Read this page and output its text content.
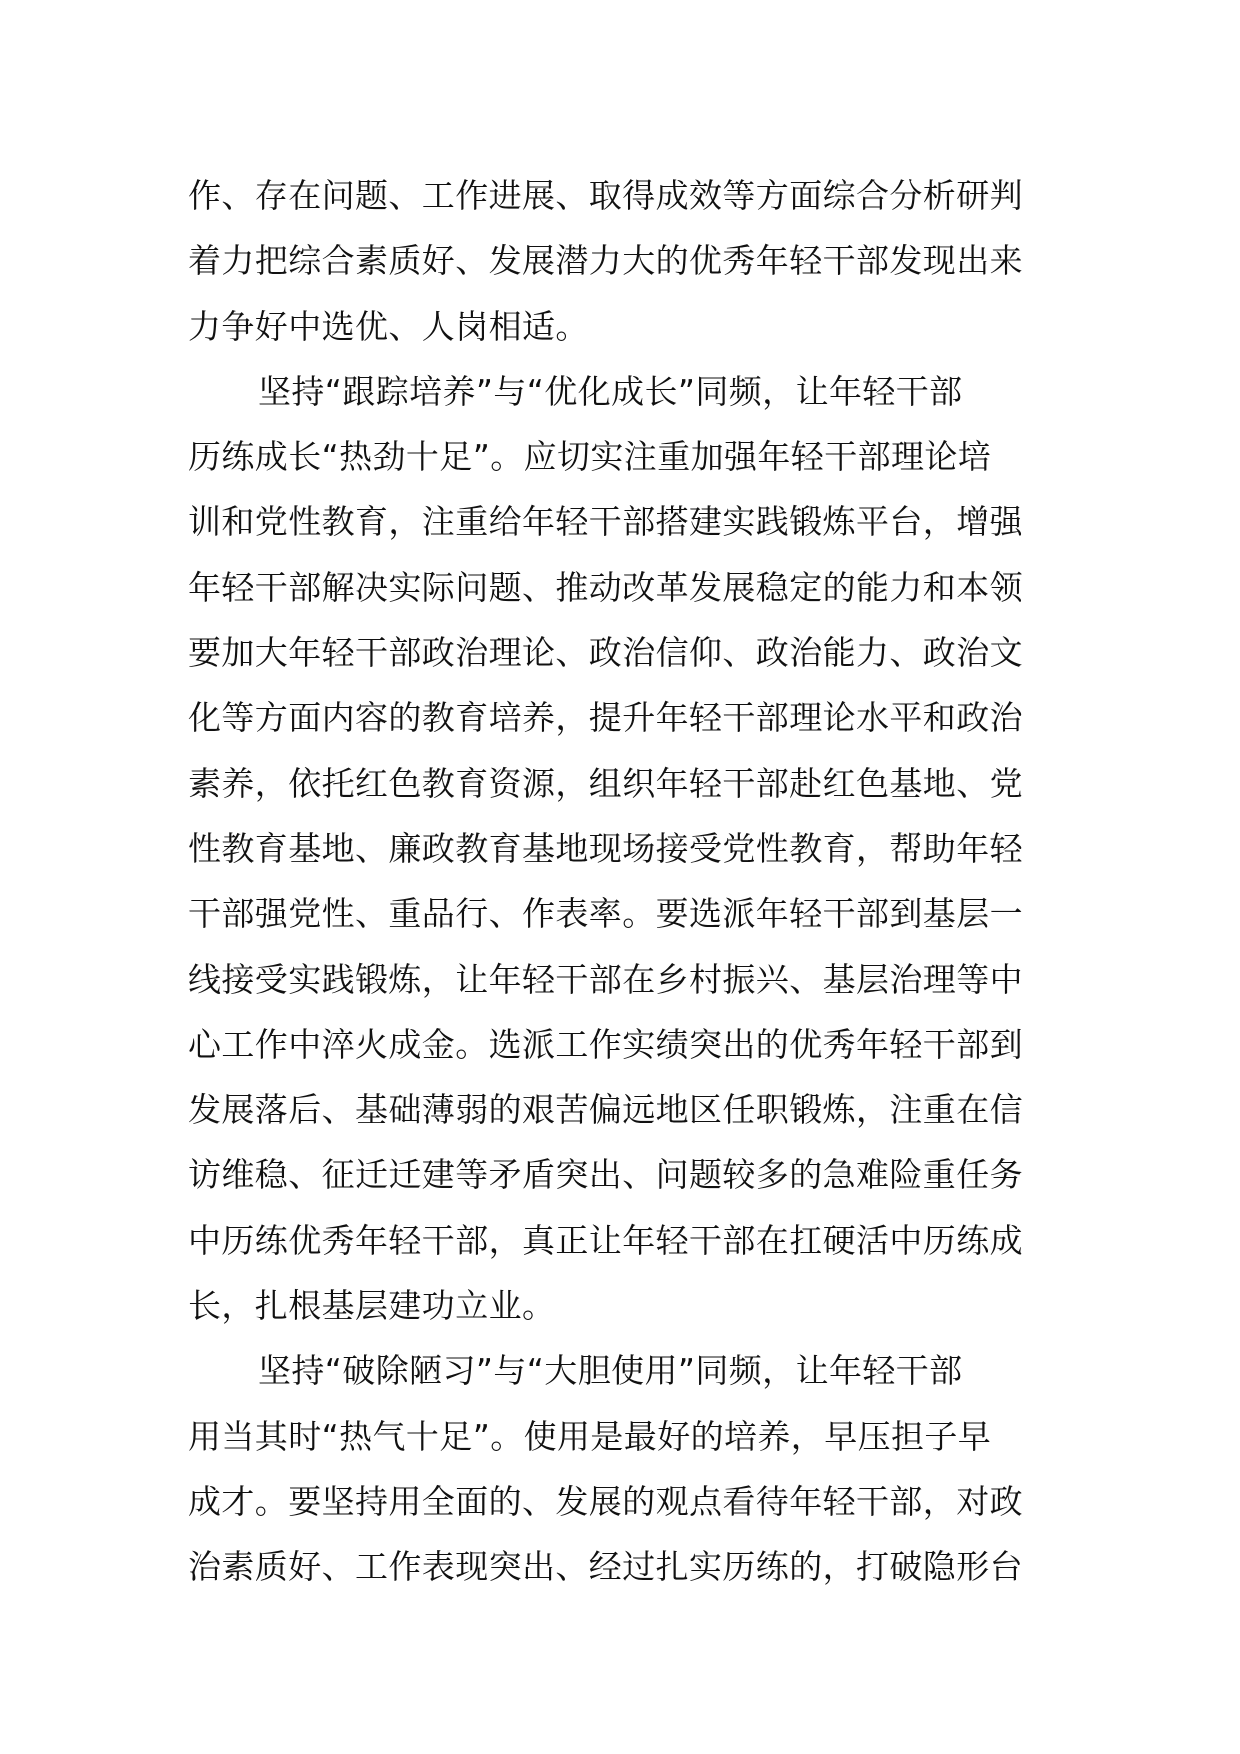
作、存在问题、工作进展、取得成效等方面综合分析研判
着力把综合素质好、发展潜力大的优秀年轻干部发现出来
力争好中选优、人岗相适。
坚持“跟踪培养”与“优化成长”同频，让年轻干部
历练成长“热劲十足”。应切实注重加强年轻干部理论培
训和党性教育，注重给年轻干部搭建实践锻炼平台，增强
年轻干部解决实际问题、推动改革发展稳定的能力和本领
要加大年轻干部政治理论、政治信仰、政治能力、政治文
化等方面内容的教育培养，提升年轻干部理论水平和政治
素养，依托红色教育资源，组织年轻干部赴红色基地、党
性教育基地、廉政教育基地现场接受党性教育，帮助年轻
干部强党性、重品行、作表率。要选派年轻干部到基层一
线接受实践锻炼，让年轻干部在乡村振兴、基层治理等中
心工作中淬火成金。选派工作实绩突出的优秀年轻干部到
发展落后、基础薄弱的艰苦偏远地区任职锻炼，注重在信
访维稳、征迁迁建等矛盾突出、问题较多的急难险重任务
中历练优秀年轻干部，真正让年轻干部在扛硬活中历练成
长，扎根基层建功立业。
坚持“破除陋习”与“大胆使用”同频，让年轻干部
用当其时“热气十足”。使用是最好的培养，早压担子早
成才。要坚持用全面的、发展的观点看待年轻干部，对政
治素质好、工作表现突出、经过扎实历练的，打破隐形台
